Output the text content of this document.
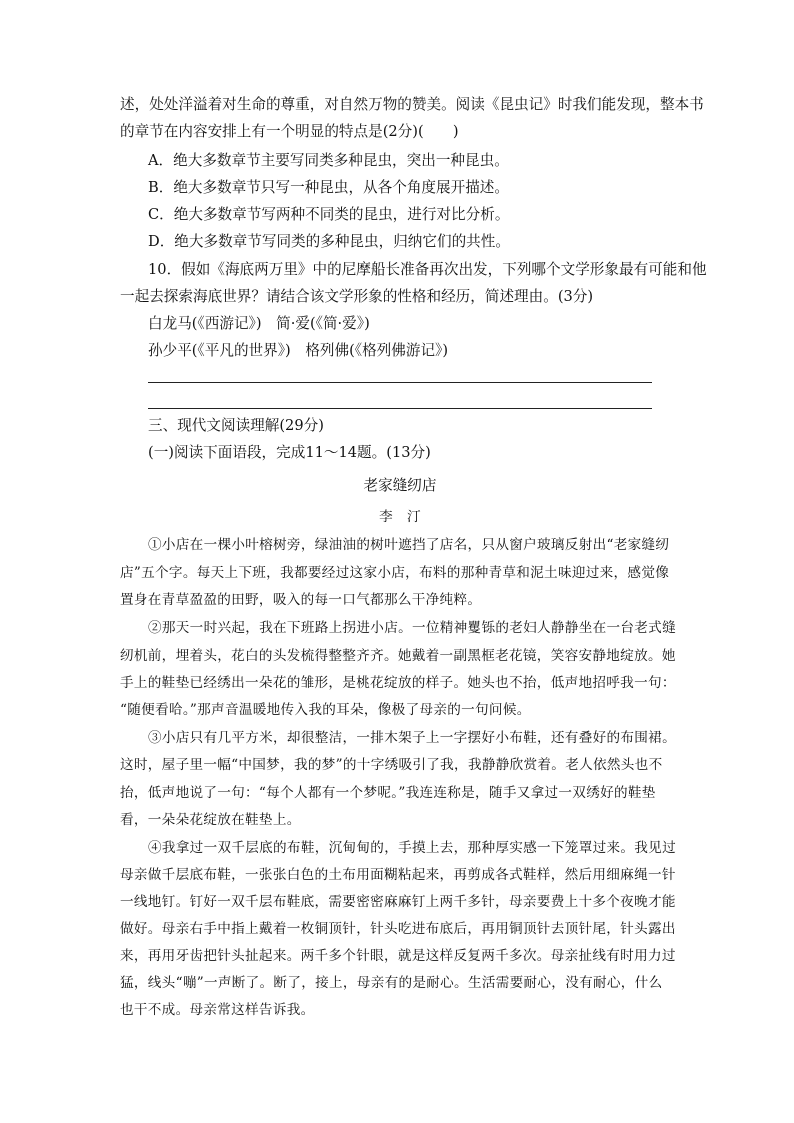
述，处处洋溢着对生命的尊重，对自然万物的赞美。阅读《昆虫记》时我们能发现，整本书
的章节在内容安排上有一个明显的特点是(2分)(　　)
A．绝大多数章节主要写同类多种昆虫，突出一种昆虫。
B．绝大多数章节只写一种昆虫，从各个角度展开描述。
C．绝大多数章节写两种不同类的昆虫，进行对比分析。
D．绝大多数章节写同类的多种昆虫，归纳它们的共性。
10．假如《海底两万里》中的尼摩船长准备再次出发，下列哪个文学形象最有可能和他
一起去探索海底世界？请结合该文学形象的性格和经历，简述理由。(3分)
白龙马(《西游记》)　简·爱(《简·爱》)
孙少平(《平凡的世界》)　格列佛(《格列佛游记》)
三、现代文阅读理解(29分)
(一)阅读下面语段，完成11～14题。(13分)
老家缝纫店
李　汀
①小店在一棵小叶榕树旁，绿油油的树叶遮挡了店名，只从窗户玻璃反射出“老家缝纫
店”五个字。每天上下班，我都要经过这家小店，布料的那种青草和泥土味迎过来，感觉像
置身在青草盈盈的田野，吸入的每一口气都那么干净纯粹。
②那天一时兴起，我在下班路上拐进小店。一位精神矍铄的老妇人静静坐在一台老式缝
纫机前，埋着头，花白的头发梳得整整齐齐。她戴着一副黑框老花镜，笑容安静地绽放。她
手上的鞋垫已经绣出一朵花的雏形，是桃花绽放的样子。她头也不抬，低声地招呼我一句：
“随便看哈。”那声音温暖地传入我的耳朵，像极了母亲的一句问候。
③小店只有几平方米，却很整洁，一排木架子上一字摆好小布鞋，还有叠好的布围裙。
这时，屋子里一幅“中国梦，我的梦”的十字绣吸引了我，我静静欣赏着。老人依然头也不
抬，低声地说了一句：“每个人都有一个梦呢。”我连连称是，随手又拿过一双绣好的鞋垫
看，一朵朵花绽放在鞋垫上。
④我拿过一双千层底的布鞋，沉甸甸的，手摸上去，那种厚实感一下笼罩过来。我见过
母亲做千层底布鞋，一张张白色的土布用面糊粘起来，再剪成各式鞋样，然后用细麻绳一针
一线地钉。钉好一双千层布鞋底，需要密密麻麻钉上两千多针，母亲要费上十多个夜晚才能
做好。母亲右手中指上戴着一枚铜顶针，针头吃进布底后，再用铜顶针去顶针尾，针头露出
来，再用牙齿把针头扯起来。两千多个针眼，就是这样反复两千多次。母亲扯线有时用力过
猛，线头“嘣”一声断了。断了，接上，母亲有的是耐心。生活需要耐心，没有耐心，什么
也干不成。母亲常这样告诉我。
